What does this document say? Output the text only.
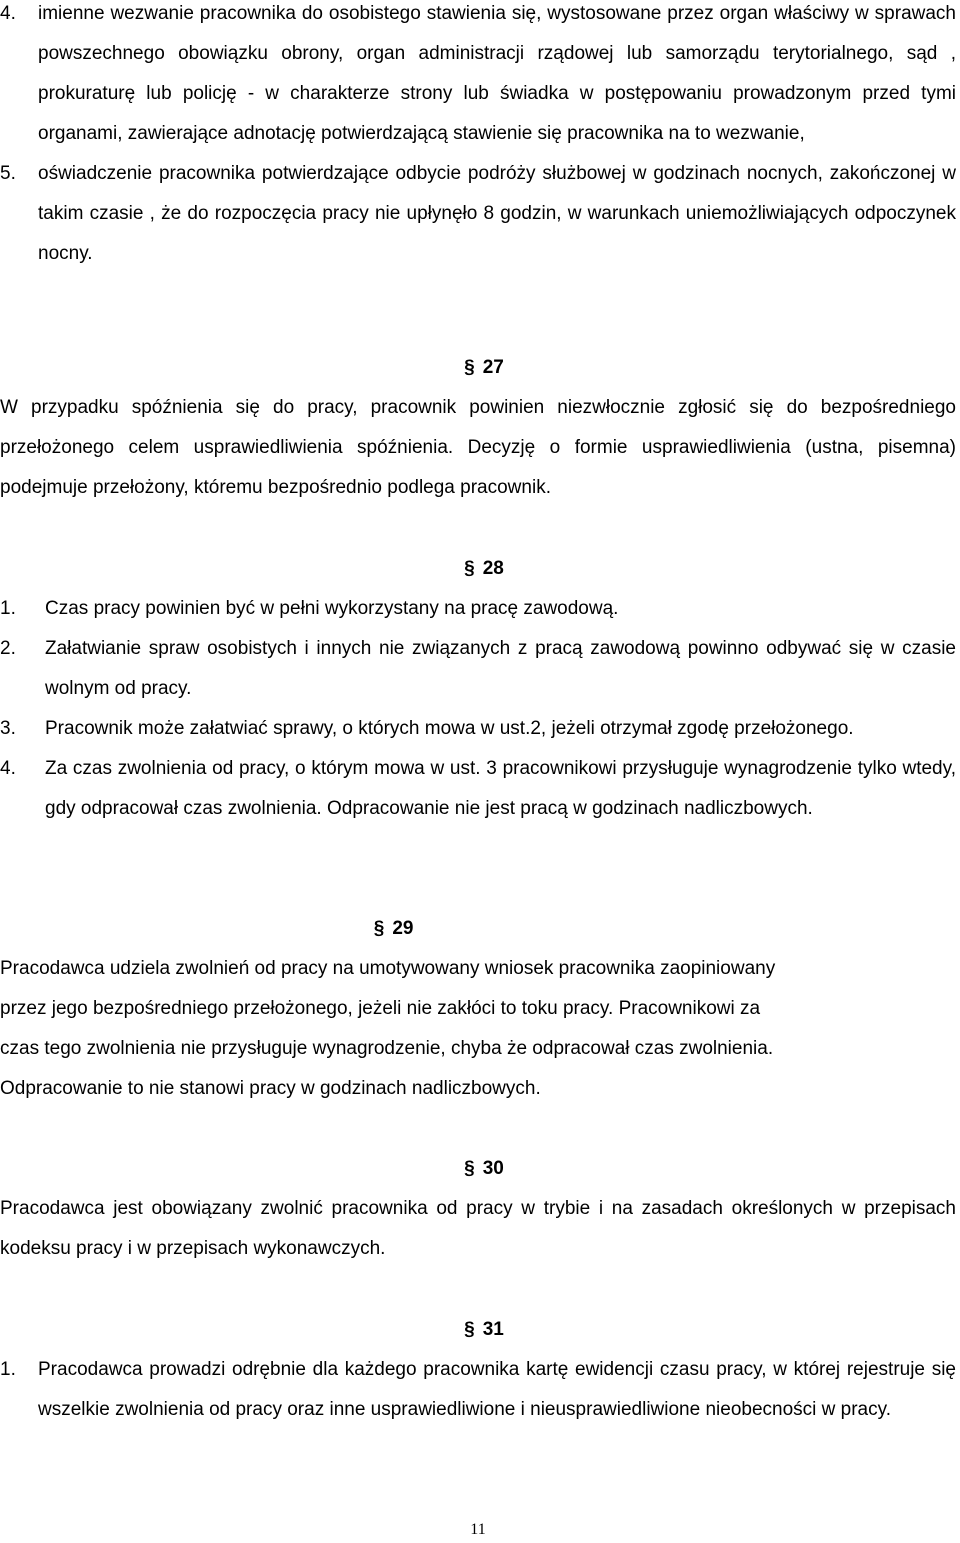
4. imienne wezwanie pracownika do osobistego stawienia się, wystosowane przez organ właściwy w sprawach powszechnego obowiązku obrony, organ administracji rządowej lub samorządu terytorialnego, sąd , prokuraturę lub policję - w charakterze strony lub świadka w postępowaniu prowadzonym przed tymi organami, zawierające adnotację potwierdzającą stawienie się pracownika na to wezwanie,
5. oświadczenie pracownika potwierdzające odbycie podróży służbowej w godzinach nocnych, zakończonej w takim czasie , że do rozpoczęcia pracy nie upłynęło 8 godzin, w warunkach uniemożliwiających odpoczynek nocny.
§ 27

W przypadku spóźnienia się do pracy, pracownik powinien niezwłocznie zgłosić się do bezpośredniego przełożonego celem usprawiedliwienia spóźnienia. Decyzję o formie usprawiedliwienia (ustna, pisemna) podejmuje przełożony, któremu bezpośrednio podlega pracownik.

§ 28
1. Czas pracy powinien być w pełni wykorzystany na pracę zawodową.
2. Załatwianie spraw osobistych i innych nie związanych z pracą zawodową powinno odbywać się w czasie wolnym od pracy.
3. Pracownik może załatwiać sprawy, o których mowa w ust.2, jeżeli otrzymał zgodę przełożonego.
4. Za czas zwolnienia od pracy, o którym mowa w ust. 3 pracownikowi przysługuje wynagrodzenie tylko wtedy, gdy odpracował czas zwolnienia. Odpracowanie nie jest pracą w godzinach nadliczbowych.
§ 29
Pracodawca udziela zwolnień od pracy na umotywowany wniosek pracownika zaopiniowany
przez jego bezpośredniego przełożonego, jeżeli nie zakłóci to toku pracy. Pracownikowi za
czas tego zwolnienia nie przysługuje wynagrodzenie, chyba że odpracował czas zwolnienia.
Odpracowanie to nie stanowi pracy w godzinach nadliczbowych.
§ 30

Pracodawca jest obowiązany zwolnić pracownika od pracy w trybie i na zasadach określonych w przepisach kodeksu pracy i w przepisach wykonawczych.

§ 31
1. Pracodawca prowadzi odrębnie dla każdego pracownika kartę ewidencji czasu pracy, w której rejestruje się wszelkie zwolnienia od pracy oraz inne usprawiedliwione i nieusprawiedliwione nieobecności w pracy.
11
